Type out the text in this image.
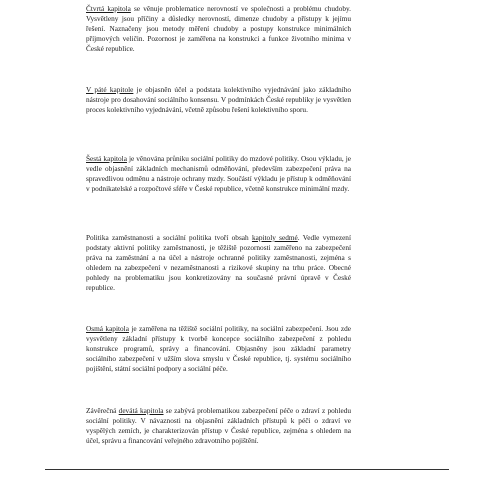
Čtvrtá kapitola se věnuje problematice nerovností ve společnosti a problému chudoby. Vysvětleny jsou příčiny a důsledky nerovností, dimenze chudoby a přístupy k jejímu řešení. Naznačeny jsou metody měření chudoby a postupy konstrukce minimálních příjmových veličin. Pozornost je zaměřena na konstrukci a funkce životního minima v České republice.

V páté kapitole je objasněn účel a podstata kolektivního vyjednávání jako základního nástroje pro dosahování sociálního konsensu. V podmínkách České republiky je vysvětlen proces kolektivního vyjednávání, včetně způsobu řešení kolektivního sporu.

Šestá kapitola je věnována průniku sociální politiky do mzdové politiky. Osou výkladu, je vedle objasnění základních mechanismů odměňování, především zabezpečení práva na spravedlivou odměnu a nástroje ochrany mzdy. Součástí výkladu je přístup k odměňování v podnikatelské a rozpočtové sféře v České republice, včetně konstrukce minimální mzdy.

Politika zaměstnanosti a sociální politika tvoří obsah kapitoly sedmé. Vedle vymezení podstaty aktivní politiky zaměstnanosti, je těžiště pozornosti zaměřeno na zabezpečení práva na zaměstnání a na účel a nástroje ochranné politiky zaměstnanosti, zejména s ohledem na zabezpečení v nezaměstnanosti a rizikové skupiny na trhu práce. Obecné pohledy na problematiku jsou konkretizovány na současné právní úpravě v České republice.

Osmá kapitola je zaměřena na těžiště sociální politiky, na sociální zabezpečení. Jsou zde vysvětleny základní přístupy k tvorbě koncepce sociálního zabezpečení z pohledu konstrukce programů, správy a financování. Objasněny jsou základní parametry sociálního zabezpečení v užším slova smyslu v České republice, tj. systému sociálního pojištění, státní sociální podpory a sociální péče.

Závěrečná devátá kapitola se zabývá problematikou zabezpečení péče o zdraví z pohledu sociální politiky. V návaznosti na objasnění základních přístupů k péči o zdraví ve vyspělých zemích, je charakterizován přístup v České republice, zejména s ohledem na účel, správu a financování veřejného zdravotního pojištění.
